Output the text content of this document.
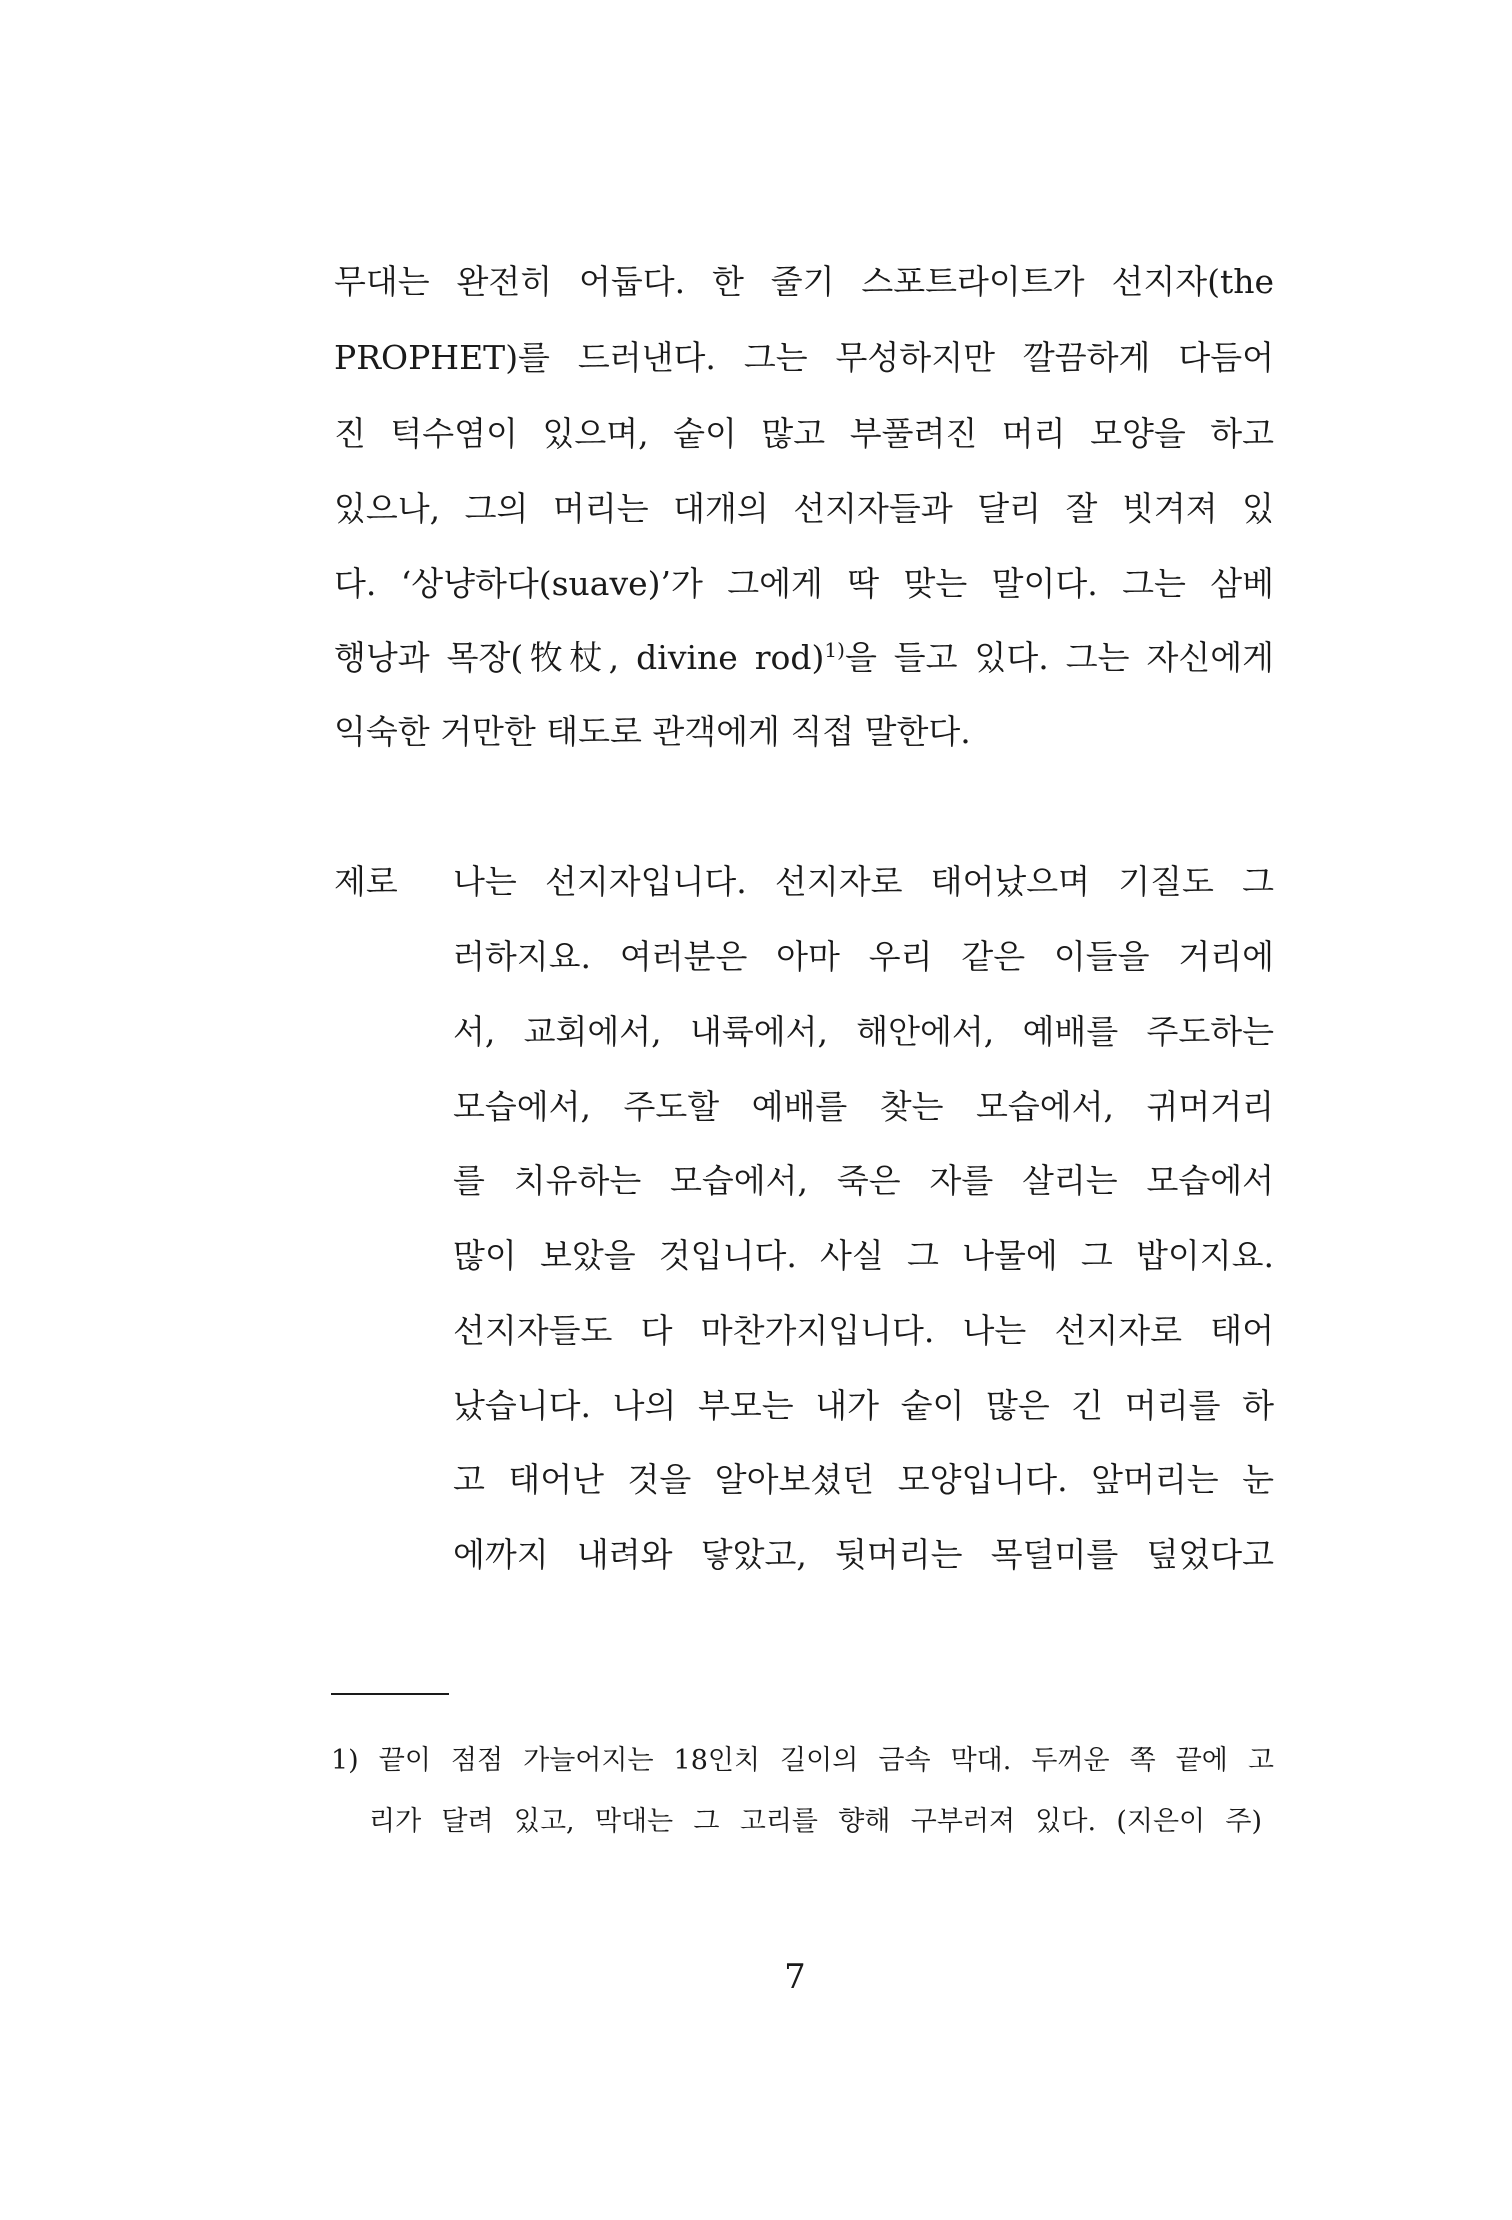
무대는 완전히 어둡다. 한 줄기 스포트라이트가 선지자(the
PROPHET)를 드러낸다. 그는 무성하지만 깔끔하게 다듬어
진 턱수염이 있으며, 숱이 많고 부풀려진 머리 모양을 하고
있으나, 그의 머리는 대개의 선지자들과 달리 잘 빗겨져 있
다. ‘상냥하다(suave)’가 그에게 딱 맞는 말이다. 그는 삼베
행낭과 목장(牧杖, divine rod)$^{1)}$을 들고 있다. 그는 자신에게
익숙한 거만한 태도로 관객에게 직접 말한다.
제로 나는 선지자입니다. 선지자로 태어났으며 기질도 그
러하지요. 여러분은 아마 우리 같은 이들을 거리에
서, 교회에서, 내륙에서, 해안에서, 예배를 주도하는
모습에서, 주도할 예배를 찾는 모습에서, 귀머거리
를 치유하는 모습에서, 죽은 자를 살리는 모습에서
많이 보았을 것입니다. 사실 그 나물에 그 밥이지요.
선지자들도 다 마찬가지입니다. 나는 선지자로 태어
났습니다. 나의 부모는 내가 숱이 많은 긴 머리를 하
고 태어난 것을 알아보셨던 모양입니다. 앞머리는 눈
에까지 내려와 닿았고, 뒷머리는 목덜미를 덮었다고
1) 끝이 점점 가늘어지는 18인치 길이의 금속 막대. 두꺼운 쪽 끝에 고
리가 달려 있고, 막대는 그 고리를 향해 구부러져 있다. (지은이 주)
7
